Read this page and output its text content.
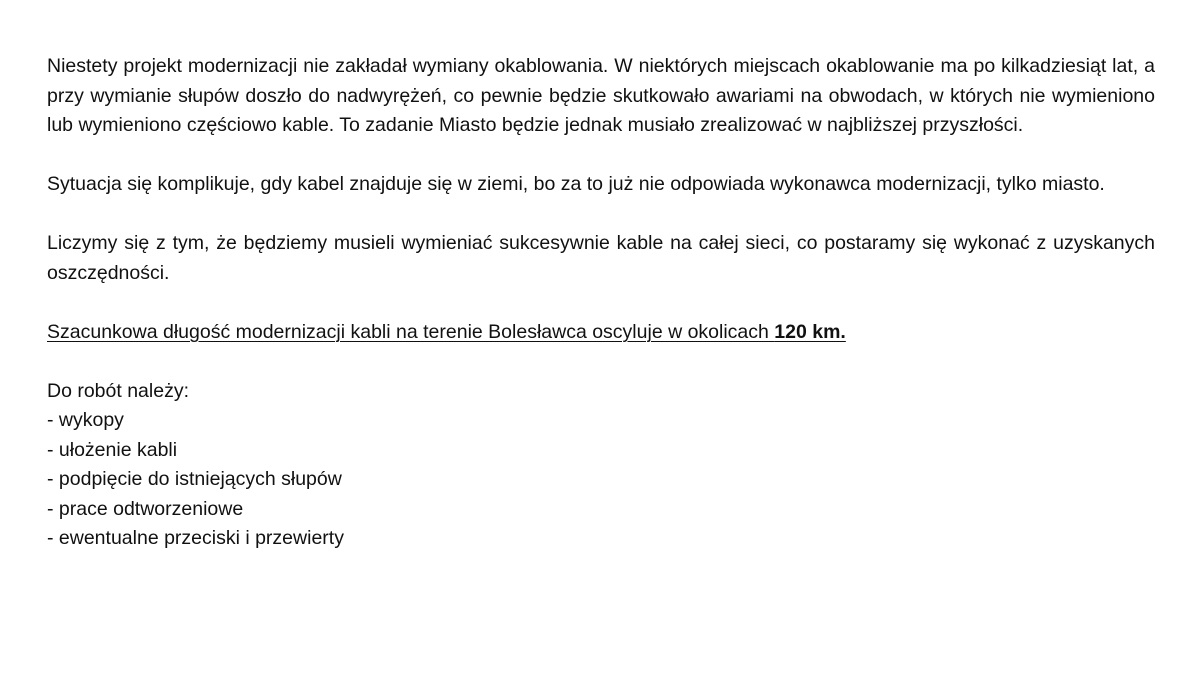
Niestety projekt modernizacji nie zakładał wymiany okablowania. W niektórych miejscach okablowanie ma po kilkadziesiąt lat, a przy wymianie słupów doszło do nadwyrężeń, co pewnie będzie skutkowało awariami na obwodach, w których nie wymieniono lub wymieniono częściowo kable. To zadanie Miasto będzie jednak musiało zrealizować w najbliższej przyszłości.

Sytuacja się komplikuje, gdy kabel znajduje się w ziemi, bo za to już nie odpowiada wykonawca modernizacji, tylko miasto.

Liczymy się z tym, że będziemy musieli wymieniać sukcesywnie kable na całej sieci, co postaramy się wykonać z uzyskanych oszczędności.

Szacunkowa długość modernizacji kabli na terenie Bolesławca oscyluje w okolicach 120 km.

Do robót należy:

- wykopy
- ułożenie kabli
- podpięcie do istniejących słupów
- prace odtworzeniowe
- ewentualne przeciski i przewierty
